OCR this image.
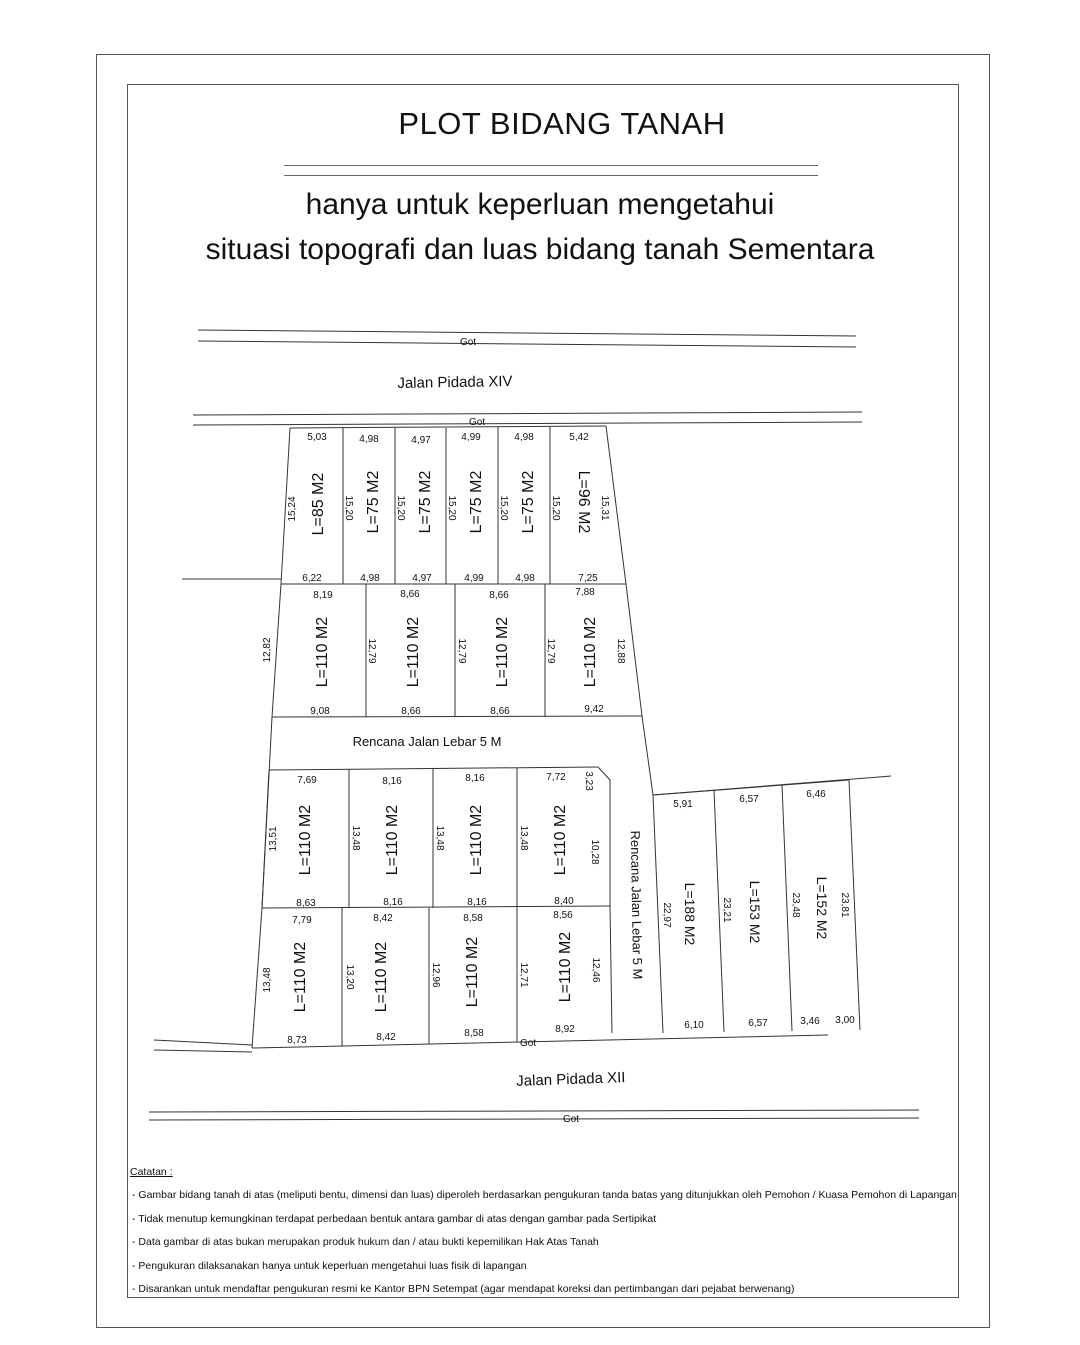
PLOT BIDANG TANAH
hanya untuk keperluan mengetahui
situasi topografi dan luas bidang tanah Sementara
Got
Jalan Pidada XIV
Got
Rencana Jalan Lebar 5 M
Rencana Jalan Lebar 5 M
Got
Jalan Pidada XII
Got
5,03
6,22
15,24
4,98
4,98
15,20
4,97
4,97
15,20
4,99
4,99
15,20
4,98
4,98
15,20
5,42
7,25
15,20	15,31
L=85 M2 L=75 M2 L=75 M2 L=75 M2 L=75 M2 L=96 M2
8,19
9,08
12,82
8,66
8,66
12,79
8,66
8,66
12,79
7,88
9,42
12,79	12,88
L=110 M2	L=110 M2	L=110 M2	L=110 M2
7,69
8,63
13,51
8,16
8,16
13,48
8,16
8,16
13,48
7,72
8,40
13,48
10,28
3,23
L=110 M2	L=110 M2	L=110 M2	L=110 M2
7,79
8,73
13,48
8,42
8,42
13,20
8,58
8,58
12,96
8,56
8,92
12,71	12,46
L=110 M2	L=110 M2	L=110 M2	L=110 M2
5,91
6,10
22,97
6,57
6,57
23,21
6,46
3,46 3,00
23,48	23,81
L=188 M2	L=153 M2	L=152 M2
Catatan :
- Gambar bidang tanah di atas (meliputi bentu, dimensi dan luas) diperoleh berdasarkan pengukuran tanda batas yang ditunjukkan oleh Pemohon / Kuasa Pemohon di Lapangan
- Tidak menutup kemungkinan terdapat perbedaan bentuk antara gambar di atas dengan gambar pada Sertipikat
- Data gambar di atas bukan merupakan produk hukum dan / atau bukti kepemilikan Hak Atas Tanah
- Pengukuran dilaksanakan hanya untuk keperluan mengetahui luas fisik di lapangan
- Disarankan untuk mendaftar pengukuran resmi ke Kantor BPN Setempat (agar mendapat koreksi dan pertimbangan dari pejabat berwenang)
